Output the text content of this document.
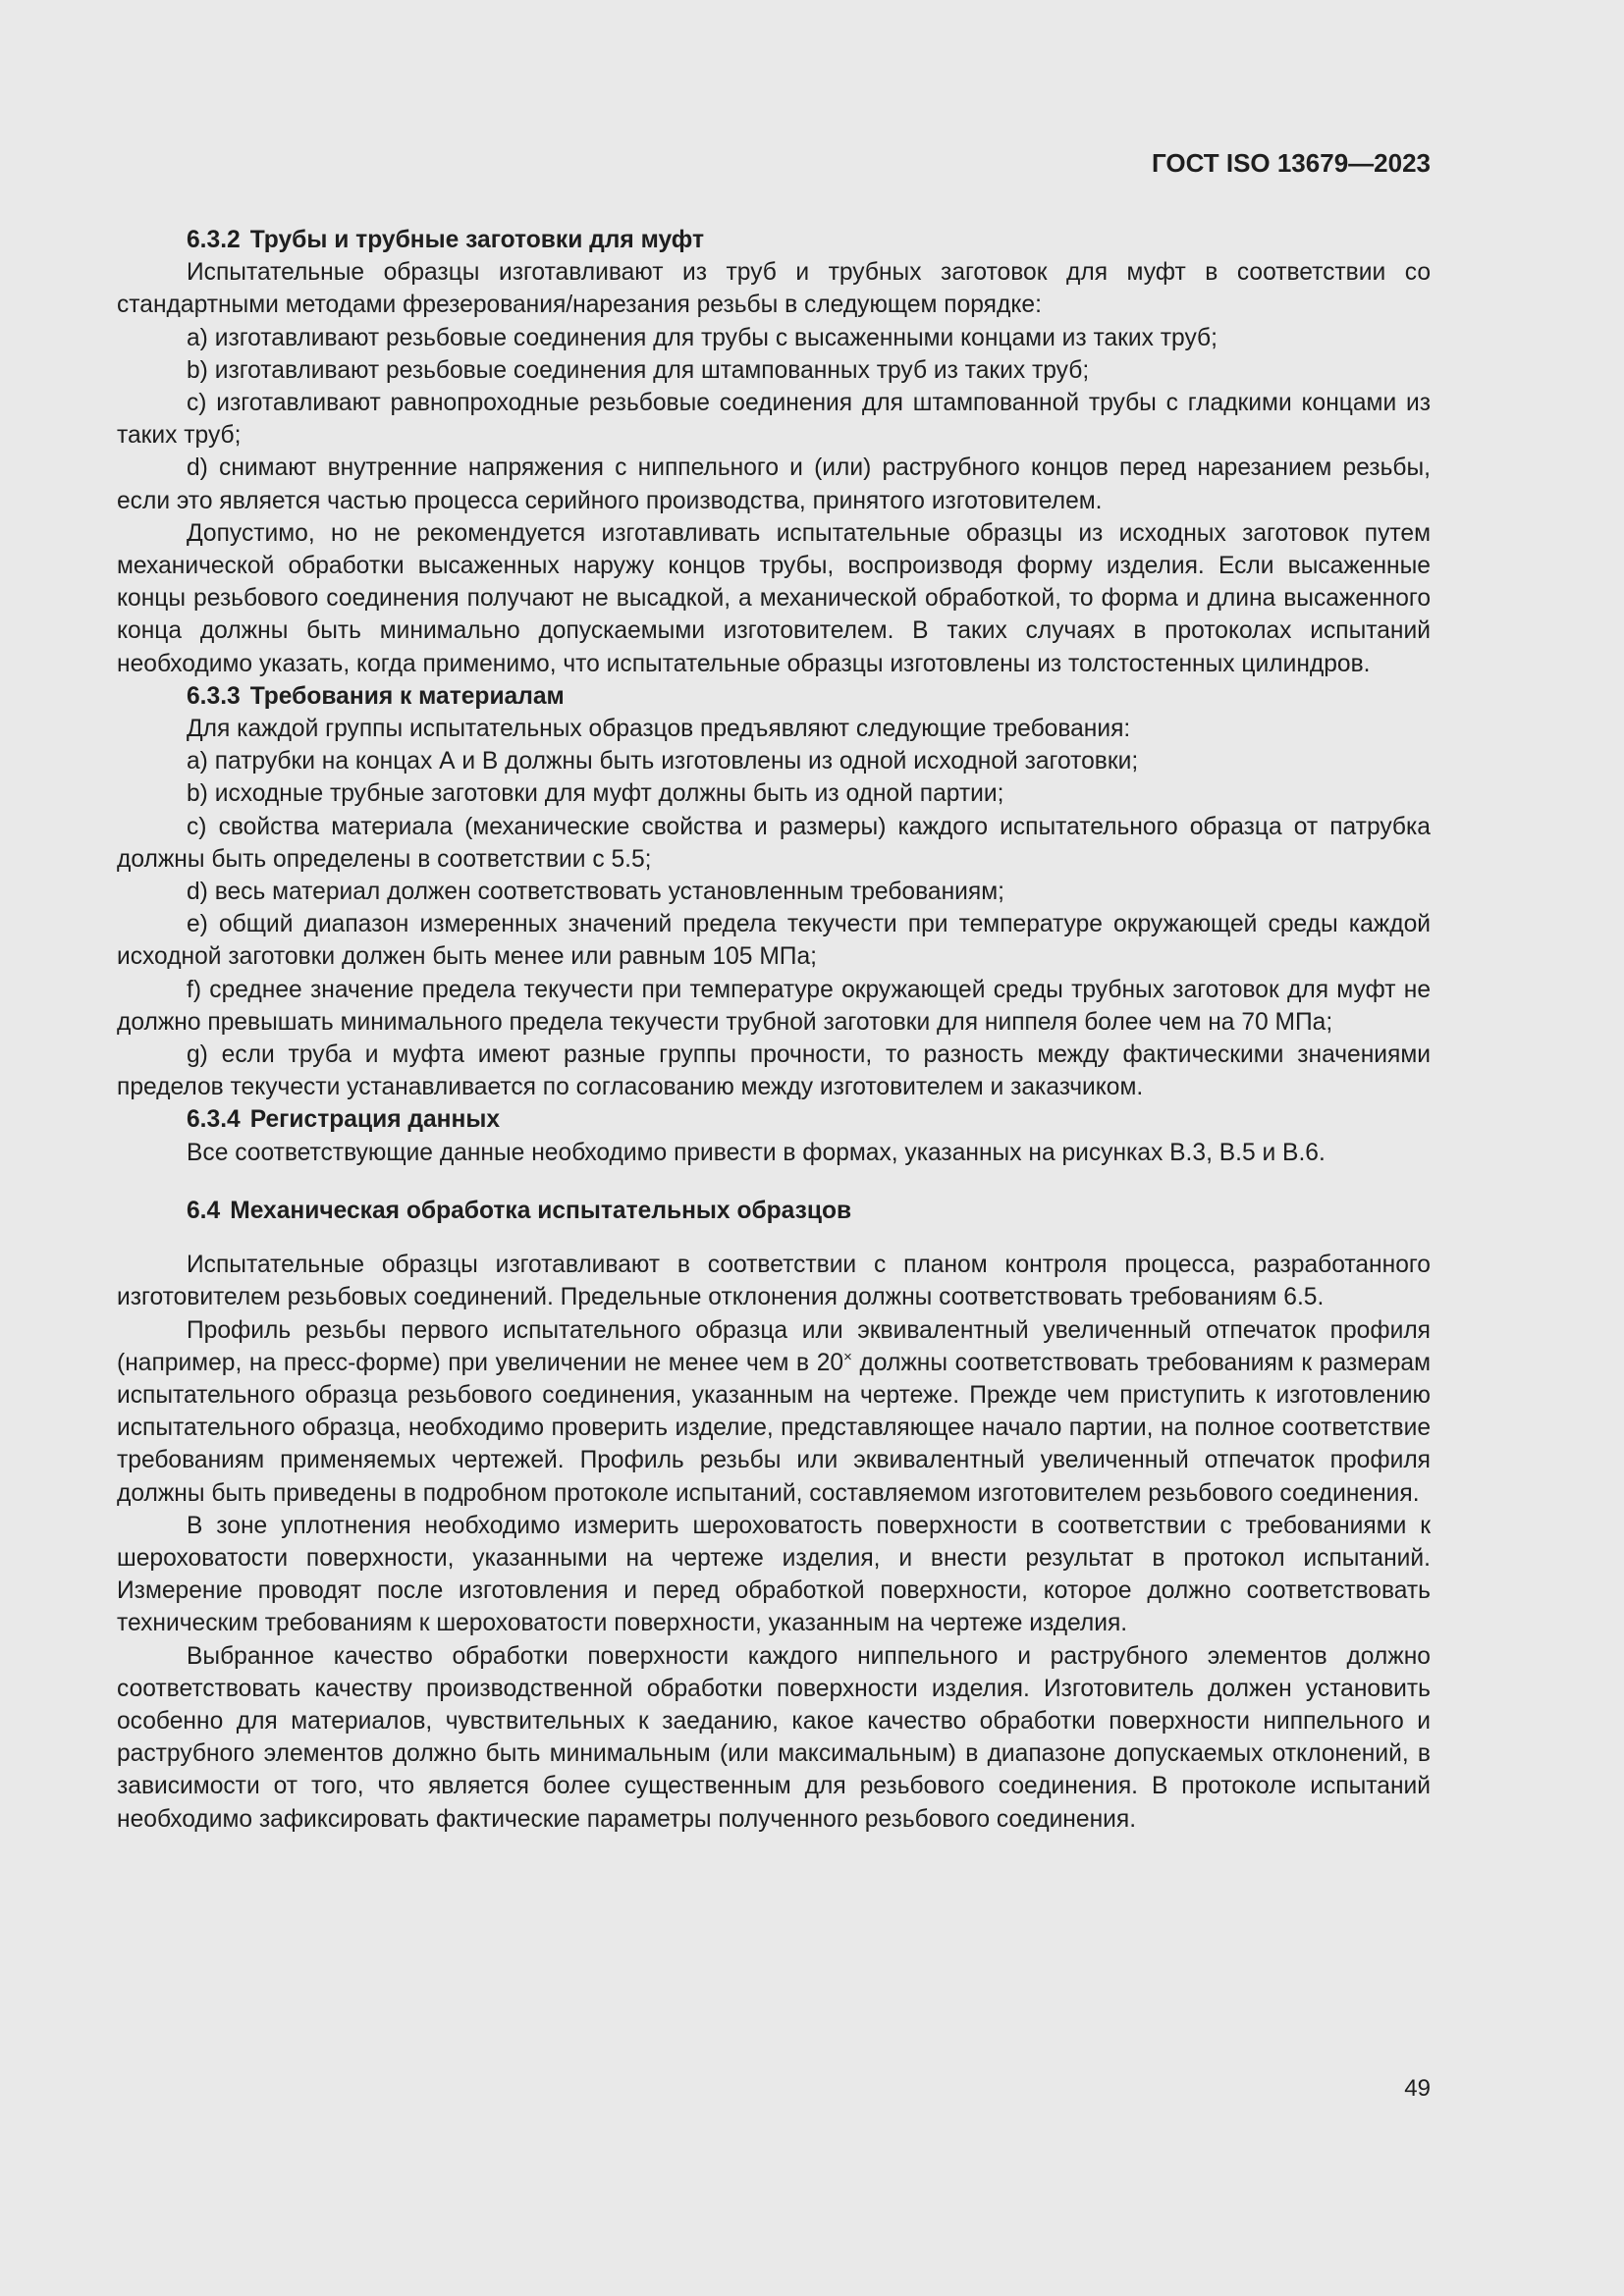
ГОСТ ISO 13679—2023

6.3.2 Трубы и трубные заготовки для муфт

Испытательные образцы изготавливают из труб и трубных заготовок для муфт в соответствии со стандартными методами фрезерования/нарезания резьбы в следующем порядке:

a) изготавливают резьбовые соединения для трубы с высаженными концами из таких труб;

b) изготавливают резьбовые соединения для штампованных труб из таких труб;

c) изготавливают равнопроходные резьбовые соединения для штампованной трубы с гладкими концами из таких труб;

d) снимают внутренние напряжения с ниппельного и (или) раструбного концов перед нарезанием резьбы, если это является частью процесса серийного производства, принятого изготовителем.

Допустимо, но не рекомендуется изготавливать испытательные образцы из исходных заготовок путем механической обработки высаженных наружу концов трубы, воспроизводя форму изделия. Если высаженные концы резьбового соединения получают не высадкой, а механической обработкой, то форма и длина высаженного конца должны быть минимально допускаемыми изготовителем. В таких случаях в протоколах испытаний необходимо указать, когда применимо, что испытательные образцы изготовлены из толстостенных цилиндров.

6.3.3 Требования к материалам

Для каждой группы испытательных образцов предъявляют следующие требования:

a) патрубки на концах А и В должны быть изготовлены из одной исходной заготовки;

b) исходные трубные заготовки для муфт должны быть из одной партии;

c) свойства материала (механические свойства и размеры) каждого испытательного образца от патрубка должны быть определены в соответствии с 5.5;

d) весь материал должен соответствовать установленным требованиям;

e) общий диапазон измеренных значений предела текучести при температуре окружающей среды каждой исходной заготовки должен быть менее или равным 105 МПа;

f) среднее значение предела текучести при температуре окружающей среды трубных заготовок для муфт не должно превышать минимального предела текучести трубной заготовки для ниппеля более чем на 70 МПа;

g) если труба и муфта имеют разные группы прочности, то разность между фактическими значениями пределов текучести устанавливается по согласованию между изготовителем и заказчиком.

6.3.4 Регистрация данных

Все соответствующие данные необходимо привести в формах, указанных на рисунках В.3, В.5 и В.6.

6.4 Механическая обработка испытательных образцов

Испытательные образцы изготавливают в соответствии с планом контроля процесса, разработанного изготовителем резьбовых соединений. Предельные отклонения должны соответствовать требованиям 6.5.

Профиль резьбы первого испытательного образца или эквивалентный увеличенный отпечаток профиля (например, на пресс-форме) при увеличении не менее чем в 20× должны соответствовать требованиям к размерам испытательного образца резьбового соединения, указанным на чертеже. Прежде чем приступить к изготовлению испытательного образца, необходимо проверить изделие, представляющее начало партии, на полное соответствие требованиям применяемых чертежей. Профиль резьбы или эквивалентный увеличенный отпечаток профиля должны быть приведены в подробном протоколе испытаний, составляемом изготовителем резьбового соединения.

В зоне уплотнения необходимо измерить шероховатость поверхности в соответствии с требованиями к шероховатости поверхности, указанными на чертеже изделия, и внести результат в протокол испытаний. Измерение проводят после изготовления и перед обработкой поверхности, которое должно соответствовать техническим требованиям к шероховатости поверхности, указанным на чертеже изделия.

Выбранное качество обработки поверхности каждого ниппельного и раструбного элементов должно соответствовать качеству производственной обработки поверхности изделия. Изготовитель должен установить особенно для материалов, чувствительных к заеданию, какое качество обработки поверхности ниппельного и раструбного элементов должно быть минимальным (или максимальным) в диапазоне допускаемых отклонений, в зависимости от того, что является более существенным для резьбового соединения. В протоколе испытаний необходимо зафиксировать фактические параметры полученного резьбового соединения.

49
